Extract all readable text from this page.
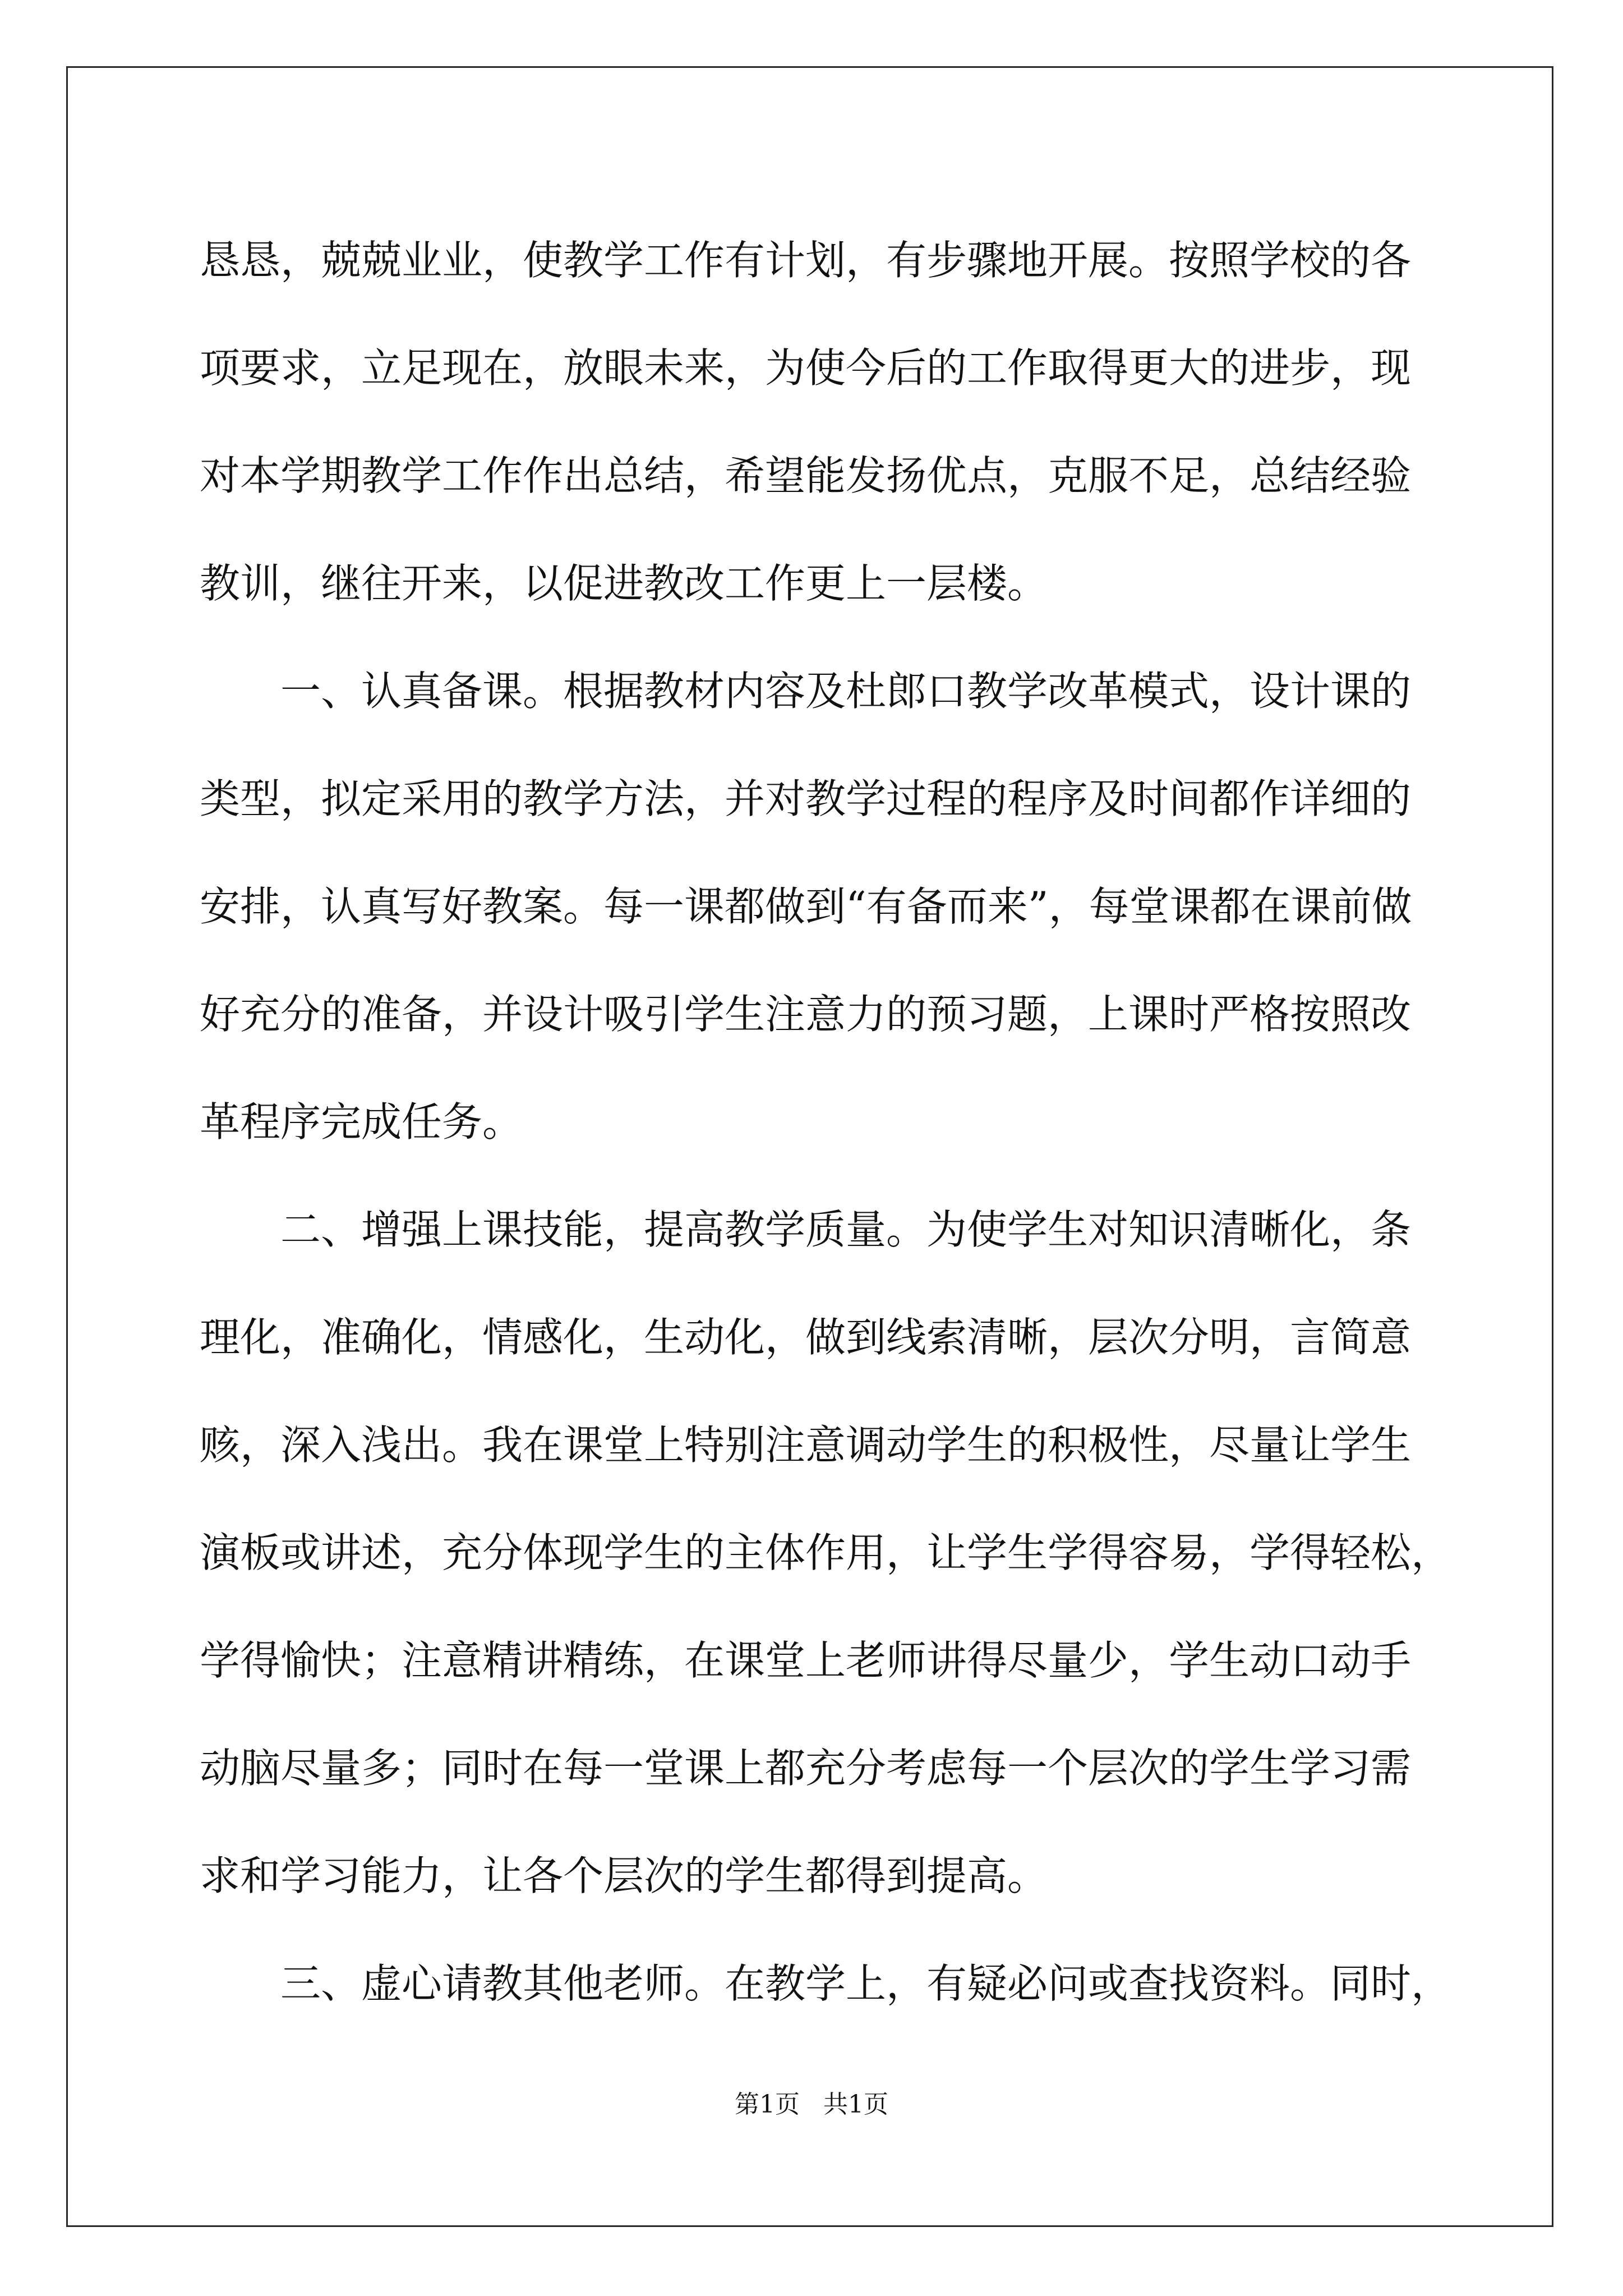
恳恳，兢兢业业，使教学工作有计划，有步骤地开展。按照学校的各
项要求，立足现在，放眼未来，为使今后的工作取得更大的进步，现
对本学期教学工作作出总结，希望能发扬优点，克服不足，总结经验
教训，继往开来，以促进教改工作更上一层楼。
一、认真备课。根据教材内容及杜郎口教学改革模式，设计课的
类型，拟定采用的教学方法，并对教学过程的程序及时间都作详细的
安排，认真写好教案。每一课都做到“有备而来”，每堂课都在课前做
好充分的准备，并设计吸引学生注意力的预习题，上课时严格按照改
革程序完成任务。
二、增强上课技能，提高教学质量。为使学生对知识清晰化，条
理化，准确化，情感化，生动化，做到线索清晰，层次分明，言简意
赅，深入浅出。我在课堂上特别注意调动学生的积极性，尽量让学生
演板或讲述，充分体现学生的主体作用，让学生学得容易，学得轻松，
学得愉快；注意精讲精练，在课堂上老师讲得尽量少，学生动口动手
动脑尽量多；同时在每一堂课上都充分考虑每一个层次的学生学习需
求和学习能力，让各个层次的学生都得到提高。
三、虚心请教其他老师。在教学上，有疑必问或查找资料。同时，
第1页   共1页
